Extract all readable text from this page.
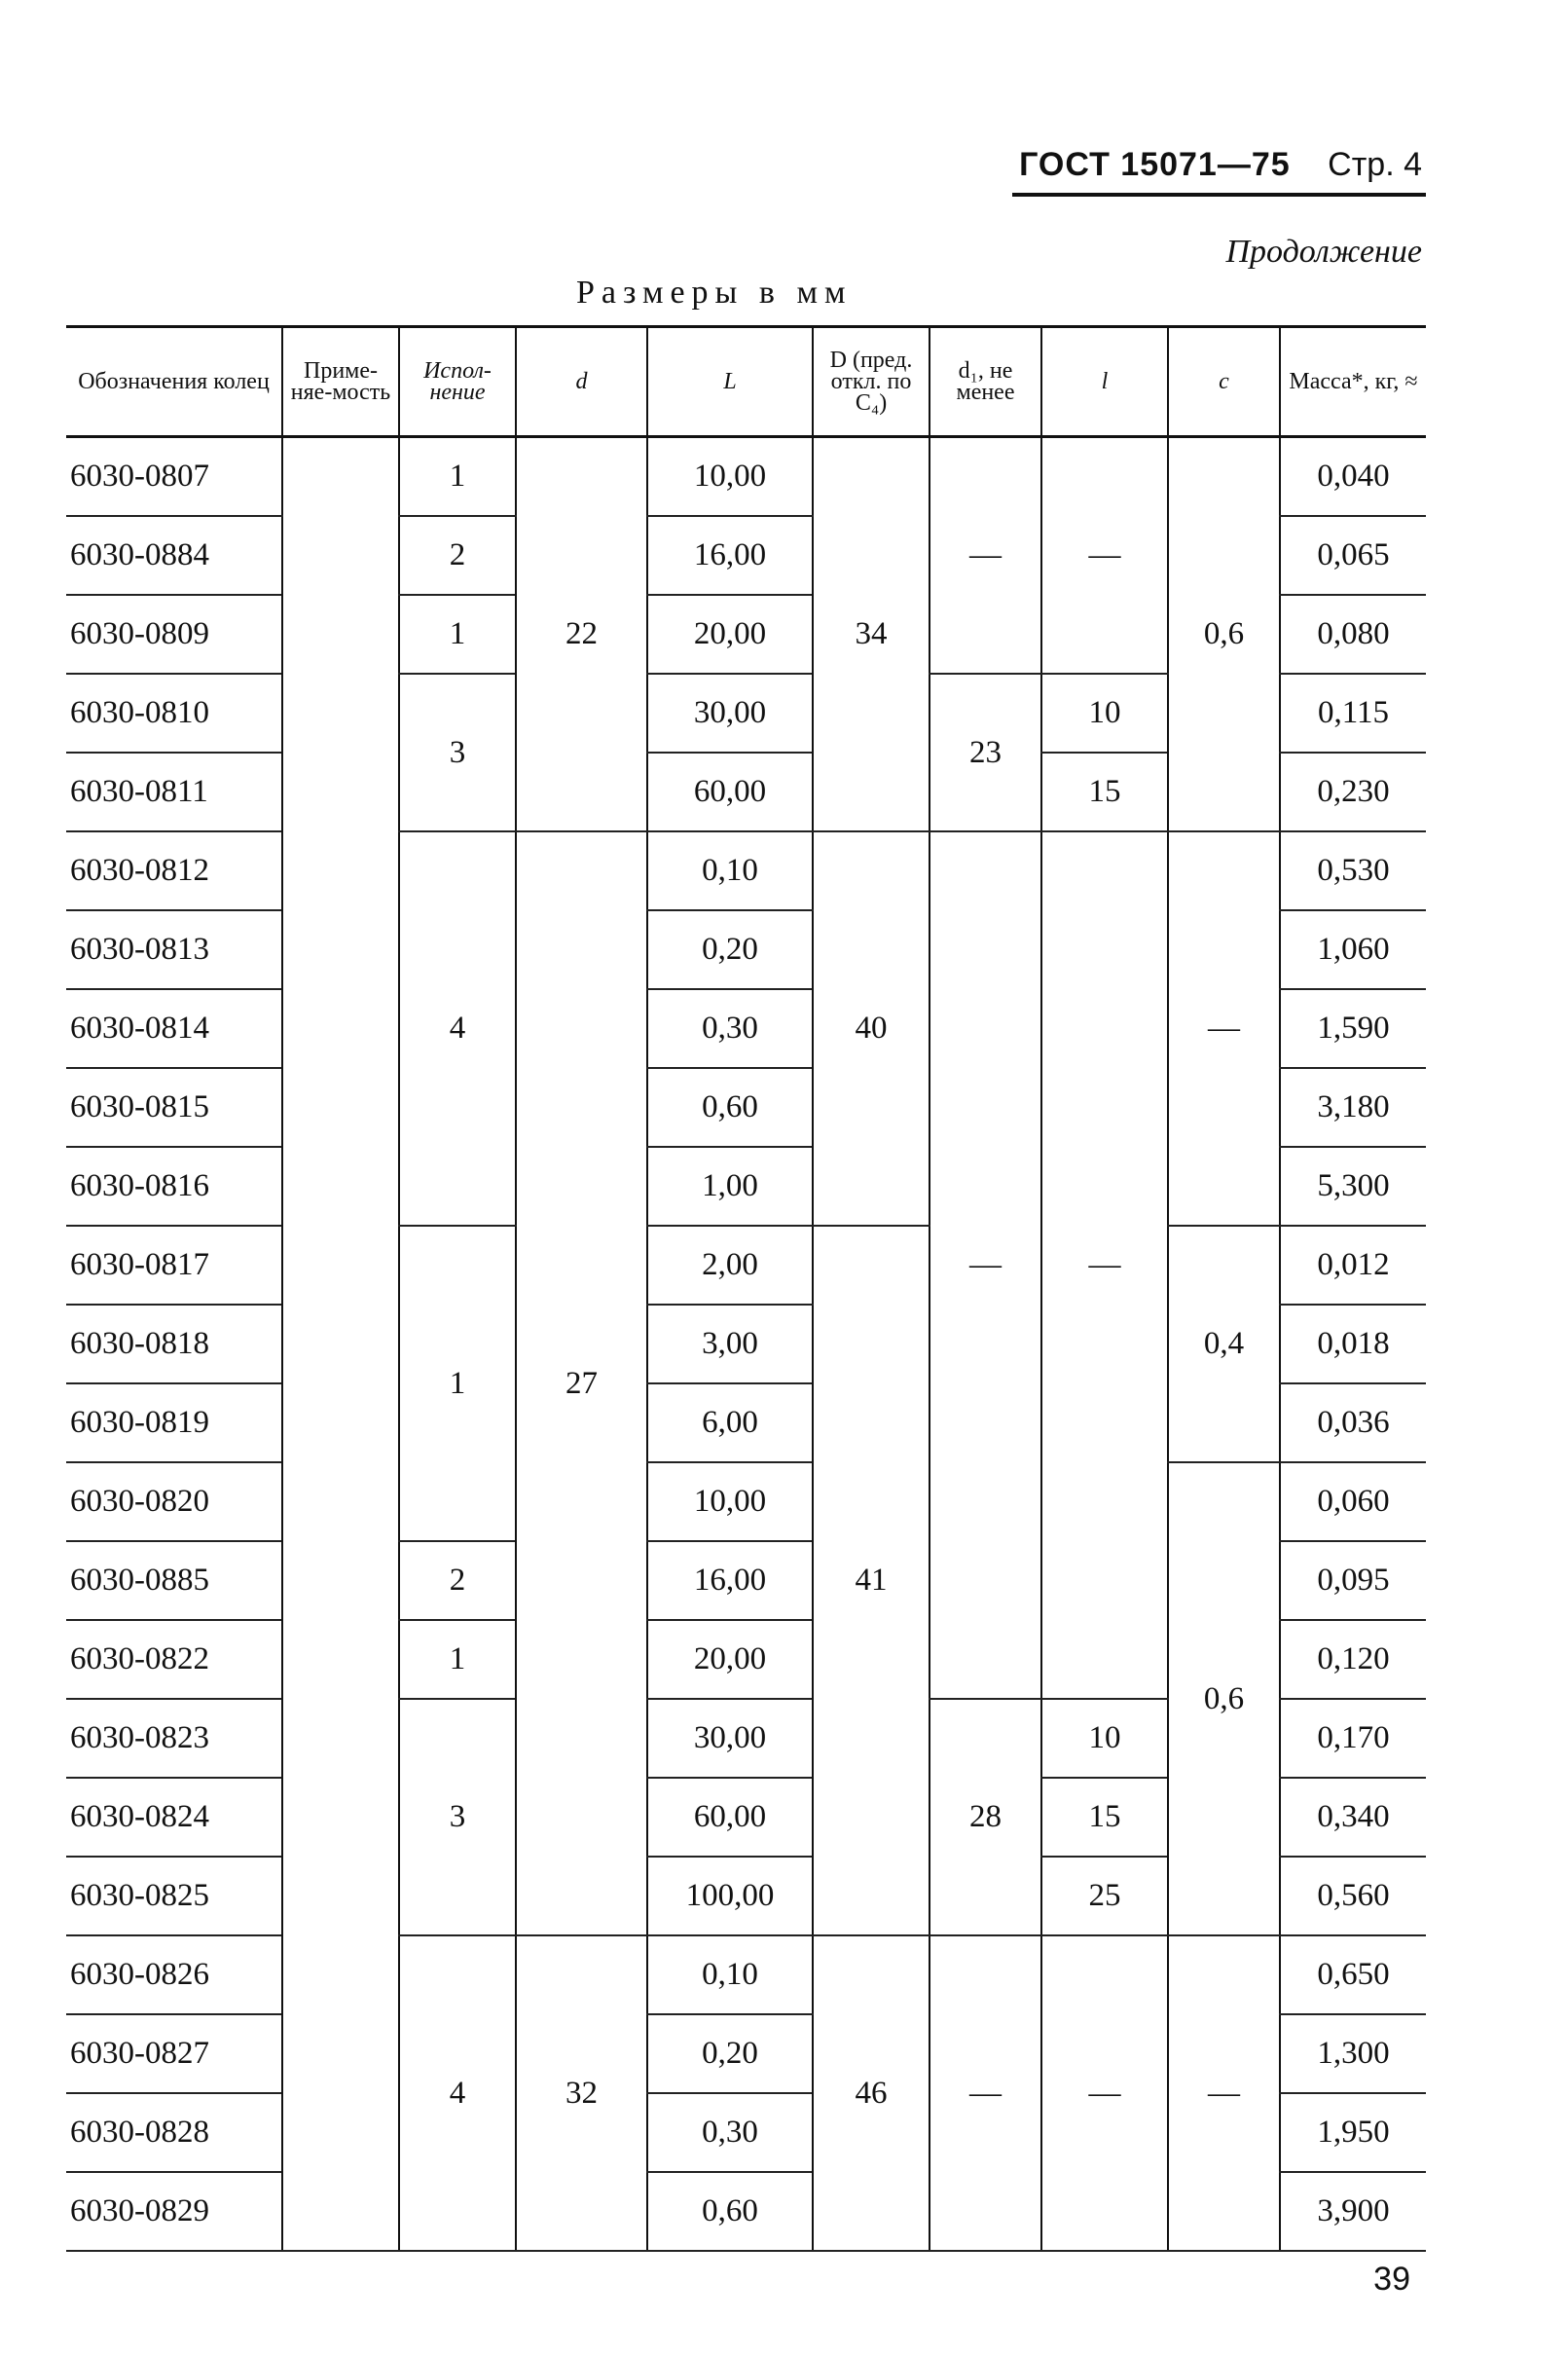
ГОСТ 15071—75 Стр. 4
Продолжение
Размеры в мм
Обозначения колец	Приме-няе-мость	Испол-нение	d	L	D (пред. откл. по C₄)	d₁, не менее	l	c	Масса*, кг, ≈
6030-0807		1	22	10,00	34	—	—	0,6	0,040
6030-0884		2		16,00					0,065
6030-0809		1		20,00					0,080
6030-0810		3		30,00		23	10		0,115
6030-0811				60,00			15		0,230
6030-0812		4	27	0,10	40	—	—	—	0,530
6030-0813				0,20					1,060
6030-0814				0,30					1,590
6030-0815				0,60					3,180
6030-0816				1,00					5,300
6030-0817		1		2,00	41			0,4	0,012
6030-0818				3,00					0,018
6030-0819				6,00					0,036
6030-0820				10,00				0,6	0,060
6030-0885		2		16,00					0,095
6030-0822		1		20,00					0,120
6030-0823		3		30,00		28	10		0,170
6030-0824				60,00			15		0,340
6030-0825				100,00			25		0,560
6030-0826		4	32	0,10	46	—	—	—	0,650
6030-0827				0,20					1,300
6030-0828				0,30					1,950
6030-0829				0,60					3,900
39
